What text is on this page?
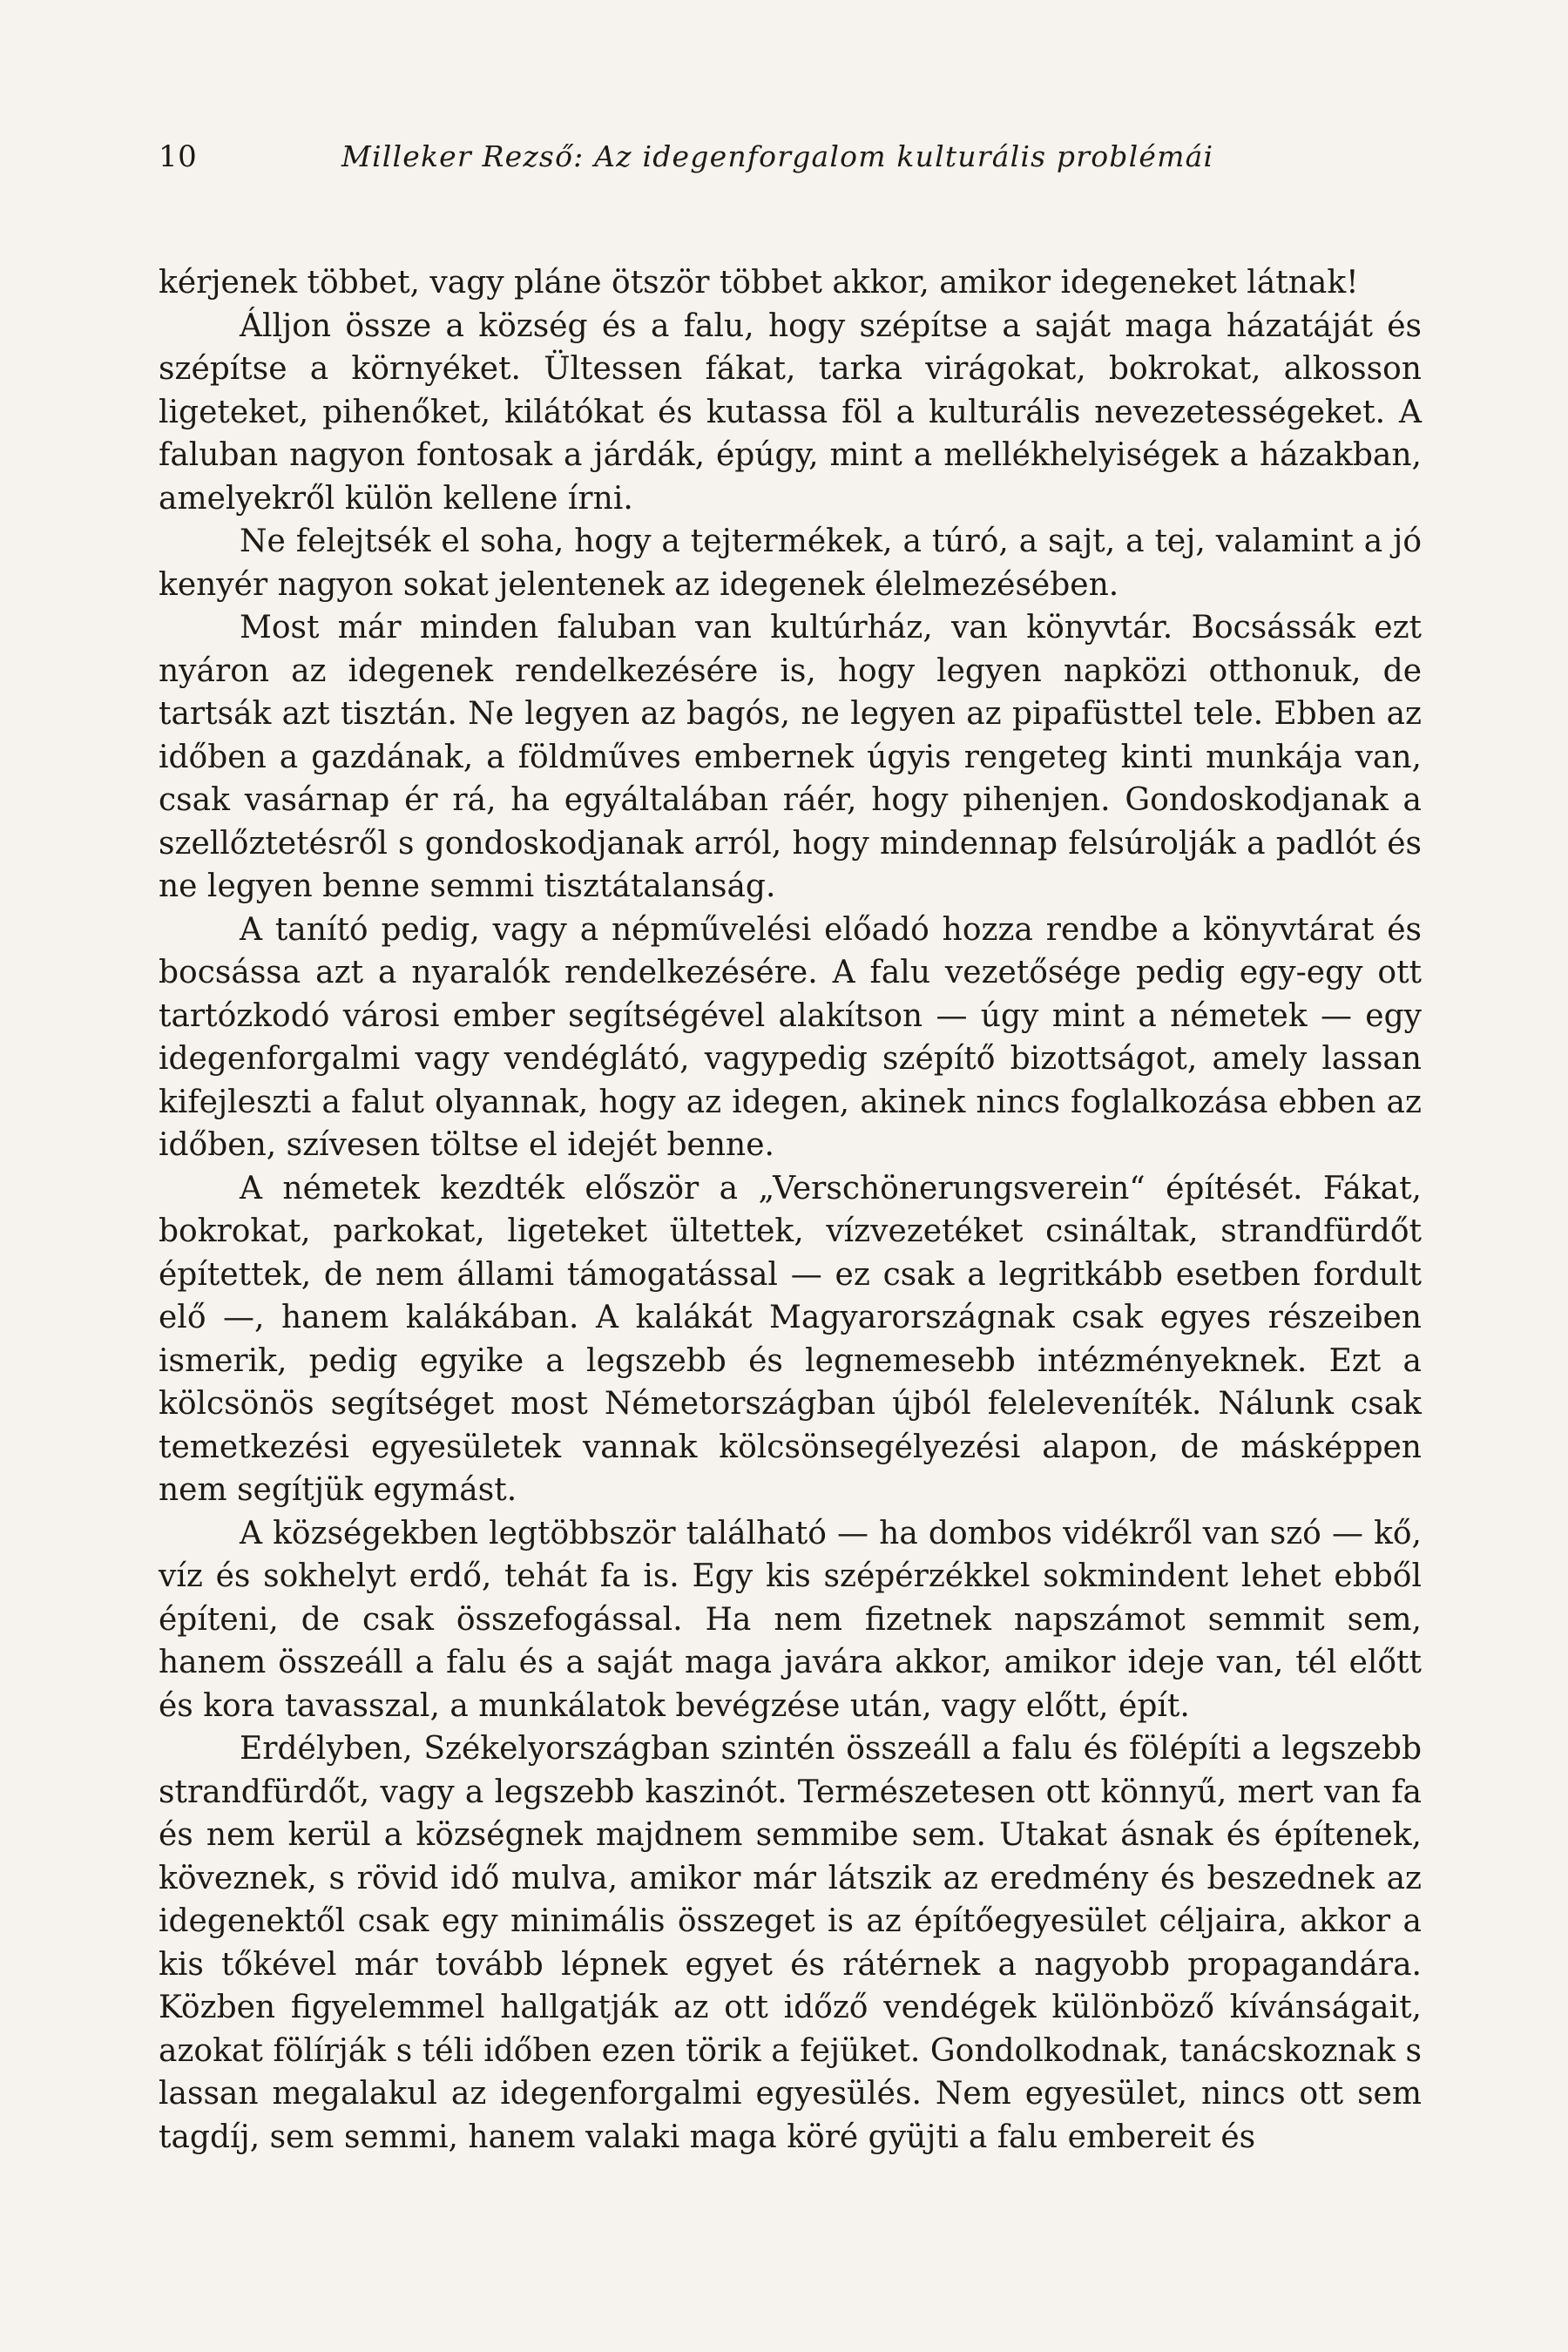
10	Milleker Rezső: Az idegenforgalom kulturális problémái

kérjenek többet, vagy pláne ötször többet akkor, amikor idegeneket látnak!

Álljon össze a község és a falu, hogy szépítse a saját maga házatáját és szépítse a környéket. Ültessen fákat, tarka virágokat, bokrokat, alkosson ligeteket, pihenőket, kilátókat és kutassa föl a kulturális nevezetességeket. A faluban nagyon fontosak a járdák, épúgy, mint a mellékhelyiségek a házakban, amelyekről külön kellene írni.

Ne felejtsék el soha, hogy a tejtermékek, a túró, a sajt, a tej, valamint a jó kenyér nagyon sokat jelentenek az idegenek élelmezésében.

Most már minden faluban van kultúrház, van könyvtár. Bocsássák ezt nyáron az idegenek rendelkezésére is, hogy legyen napközi otthonuk, de tartsák azt tisztán. Ne legyen az bagós, ne legyen az pipafüsttel tele. Ebben az időben a gazdának, a földműves embernek úgyis rengeteg kinti munkája van, csak vasárnap ér rá, ha egyáltalában ráér, hogy pihenjen. Gondoskodjanak a szellőztetésről s gondoskodjanak arról, hogy mindennap felsúrolják a padlót és ne legyen benne semmi tisztátalanság.

A tanító pedig, vagy a népművelési előadó hozza rendbe a könyvtárat és bocsássa azt a nyaralók rendelkezésére. A falu vezetősége pedig egy-egy ott tartózkodó városi ember segítségével alakítson — úgy mint a németek — egy idegenforgalmi vagy vendéglátó, vagypedig szépítő bizottságot, amely lassan kifejleszti a falut olyannak, hogy az idegen, akinek nincs foglalkozása ebben az időben, szívesen töltse el idejét benne.

A németek kezdték először a „Verschönerungsverein“ építését. Fákat, bokrokat, parkokat, ligeteket ültettek, vízvezetéket csináltak, strandfürdőt építettek, de nem állami támogatással — ez csak a legritkább esetben fordult elő —, hanem kalákában. A kalákát Magyarországnak csak egyes részeiben ismerik, pedig egyike a legszebb és legnemesebb intézményeknek. Ezt a kölcsönös segítséget most Németországban újból feleleveníték. Nálunk csak temetkezési egyesületek vannak kölcsönsegélyezési alapon, de másképpen nem segítjük egymást.

A községekben legtöbbször található — ha dombos vidékről van szó — kő, víz és sokhelyt erdő, tehát fa is. Egy kis szépérzékkel sokmindent lehet ebből építeni, de csak összefogással. Ha nem fizetnek napszámot semmit sem, hanem összeáll a falu és a saját maga javára akkor, amikor ideje van, tél előtt és kora tavasszal, a munkálatok bevégzése után, vagy előtt, épít.

Erdélyben, Székelyországban szintén összeáll a falu és fölépíti a legszebb strandfürdőt, vagy a legszebb kaszinót. Természetesen ott könnyű, mert van fa és nem kerül a községnek majdnem semmibe sem. Utakat ásnak és építenek, köveznek, s rövid idő mulva, amikor már látszik az eredmény és beszednek az idegenektől csak egy minimális összeget is az építőegyesület céljaira, akkor a kis tőkével már tovább lépnek egyet és rátérnek a nagyobb propagandára. Közben figyelemmel hallgatják az ott időző vendégek különböző kívánságait, azokat fölírják s téli időben ezen törik a fejüket. Gondolkodnak, tanácskoznak s lassan megalakul az idegenforgalmi egyesülés. Nem egyesület, nincs ott sem tagdíj, sem semmi, hanem valaki maga köré gyüjti a falu embereit és
